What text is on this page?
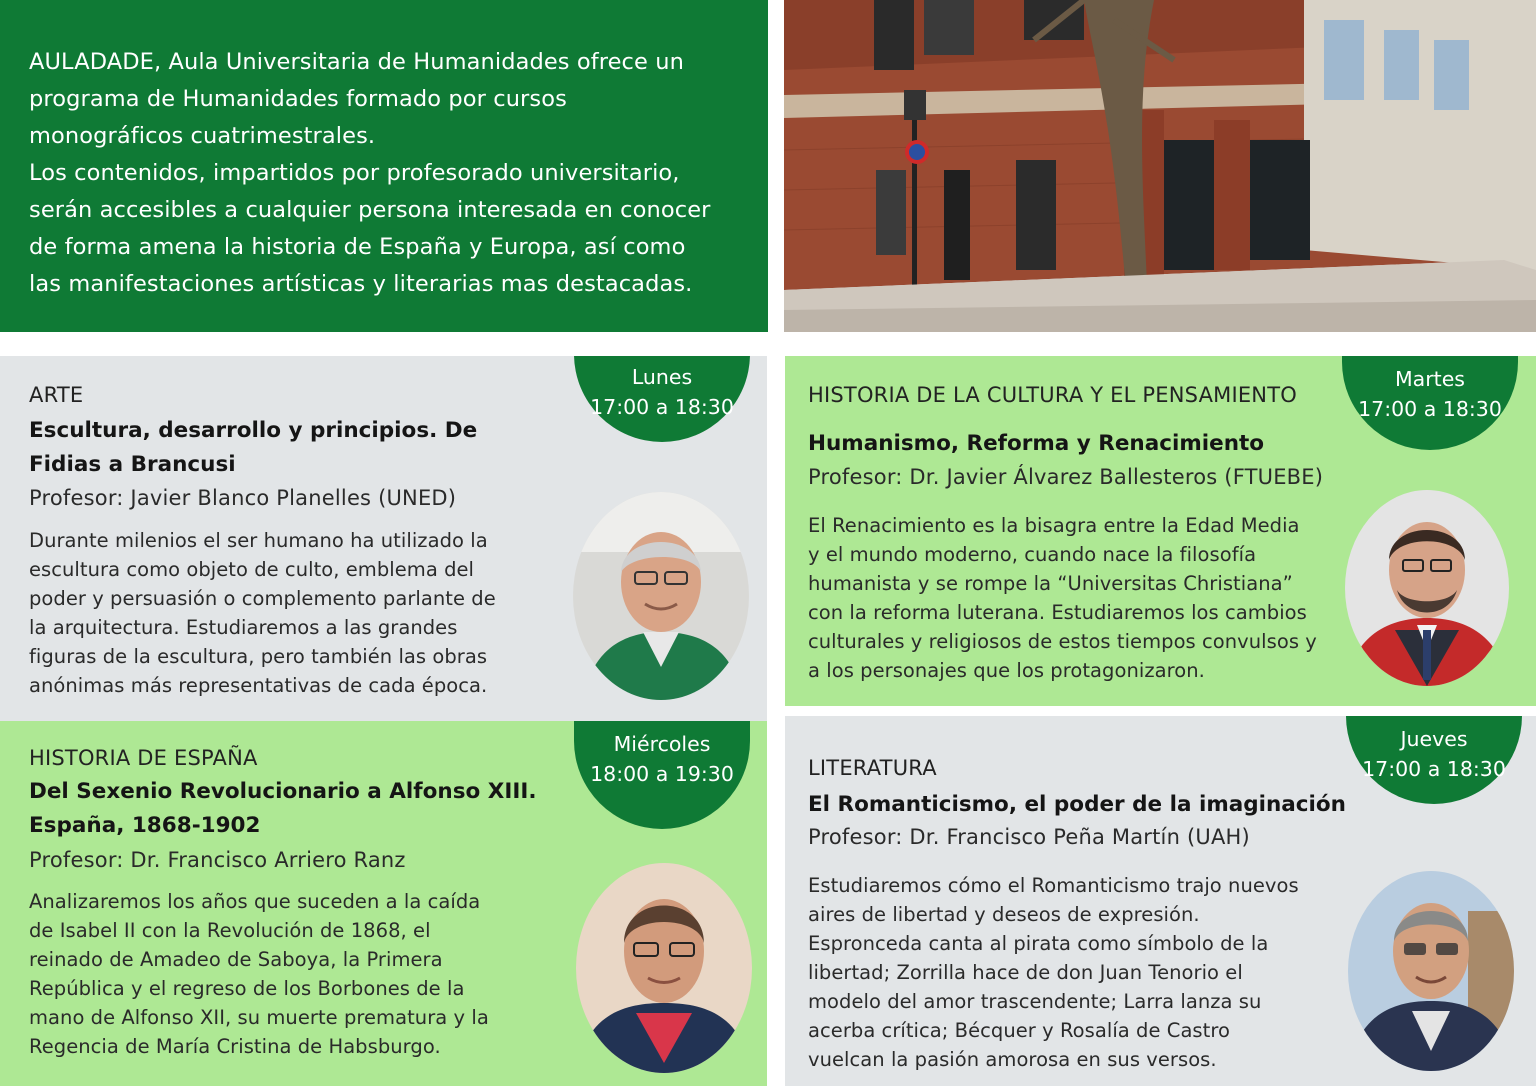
AULADADE, Aula Universitaria de Humanidades ofrece un
programa de Humanidades formado por cursos
monográficos cuatrimestrales.
Los contenidos, impartidos por profesorado universitario,
serán accesibles a cualquier persona interesada en conocer
de forma amena la historia de España y Europa, así como
las manifestaciones artísticas y literarias mas destacadas.

Lunes
17:00 a 18:30
ARTE
Escultura, desarrollo y principios. De
Fidias a Brancusi
Profesor: Javier Blanco Planelles (UNED)
Durante milenios el ser humano ha utilizado la
escultura como objeto de culto, emblema del
poder y persuasión o complemento parlante de
la arquitectura. Estudiaremos a las grandes
figuras de la escultura, pero también las obras
anónimas más representativas de cada época.
Martes
17:00 a 18:30
HISTORIA DE LA CULTURA Y EL PENSAMIENTO
Humanismo, Reforma y Renacimiento
Profesor: Dr. Javier Álvarez Ballesteros (FTUEBE)
El Renacimiento es la bisagra entre la Edad Media
y el mundo moderno, cuando nace la filosofía
humanista y se rompe la “Universitas Christiana”
con la reforma luterana. Estudiaremos los cambios
culturales y religiosos de estos tiempos convulsos y
a los personajes que los protagonizaron.
Miércoles
18:00 a 19:30
HISTORIA DE ESPAÑA
Del Sexenio Revolucionario a Alfonso XIII.
España, 1868-1902
Profesor: Dr. Francisco Arriero Ranz
Analizaremos los años que suceden a la caída
de Isabel II con la Revolución de 1868, el
reinado de Amadeo de Saboya, la Primera
República y el regreso de los Borbones de la
mano de Alfonso XII, su muerte prematura y la
Regencia de María Cristina de Habsburgo.
Jueves
17:00 a 18:30
LITERATURA
El Romanticismo, el poder de la imaginación
Profesor: Dr. Francisco Peña Martín (UAH)
Estudiaremos cómo el Romanticismo trajo nuevos
aires de libertad y deseos de expresión.
Espronceda canta al pirata como símbolo de la
libertad; Zorrilla hace de don Juan Tenorio el
modelo del amor trascendente; Larra lanza su
acerba crítica; Bécquer y Rosalía de Castro
vuelcan la pasión amorosa en sus versos.
